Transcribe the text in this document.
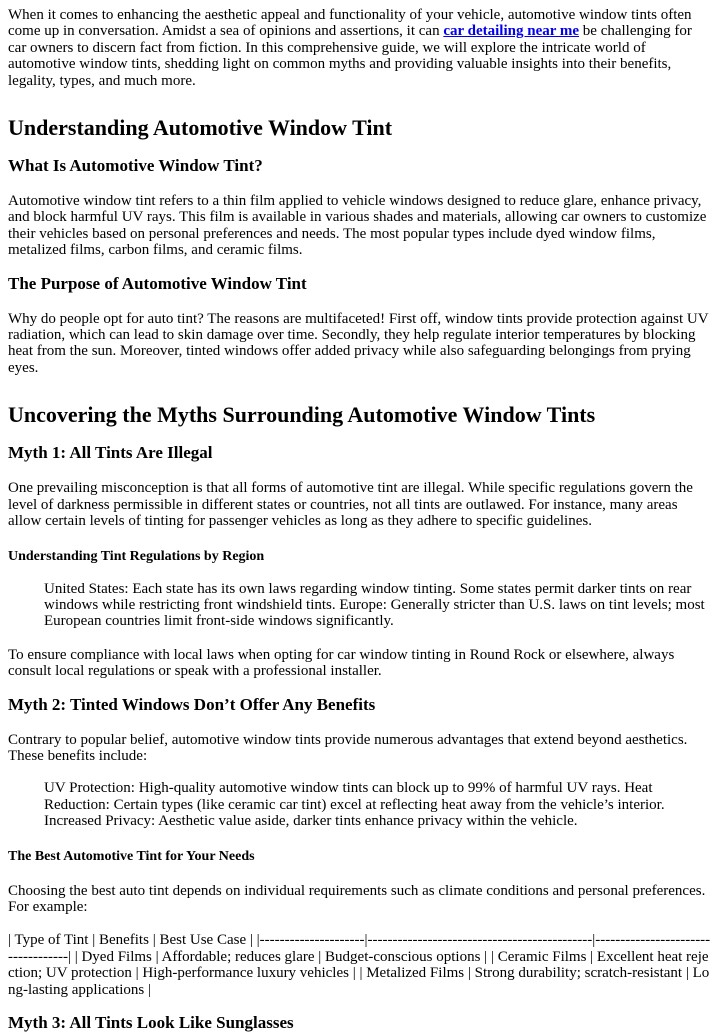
When it comes to enhancing the aesthetic appeal and functionality of your vehicle, automotive window tints often come up in conversation. Amidst a sea of opinions and assertions, it can car detailing near me be challenging for car owners to discern fact from fiction. In this comprehensive guide, we will explore the intricate world of automotive window tints, shedding light on common myths and providing valuable insights into their benefits, legality, types, and much more.

Understanding Automotive Window Tint
What Is Automotive Window Tint?

Automotive window tint refers to a thin film applied to vehicle windows designed to reduce glare, enhance privacy, and block harmful UV rays. This film is available in various shades and materials, allowing car owners to customize their vehicles based on personal preferences and needs. The most popular types include dyed window films, metalized films, carbon films, and ceramic films.

The Purpose of Automotive Window Tint

Why do people opt for auto tint? The reasons are multifaceted! First off, window tints provide protection against UV radiation, which can lead to skin damage over time. Secondly, they help regulate interior temperatures by blocking heat from the sun. Moreover, tinted windows offer added privacy while also safeguarding belongings from prying eyes.

Uncovering the Myths Surrounding Automotive Window Tints
Myth 1: All Tints Are Illegal

One prevailing misconception is that all forms of automotive tint are illegal. While specific regulations govern the level of darkness permissible in different states or countries, not all tints are outlawed. For instance, many areas allow certain levels of tinting for passenger vehicles as long as they adhere to specific guidelines.

Understanding Tint Regulations by Region
United States: Each state has its own laws regarding window tinting. Some states permit darker tints on rear windows while restricting front windshield tints. Europe: Generally stricter than U.S. laws on tint levels; most European countries limit front-side windows significantly.

To ensure compliance with local laws when opting for car window tinting in Round Rock or elsewhere, always consult local regulations or speak with a professional installer.

Myth 2: Tinted Windows Don’t Offer Any Benefits

Contrary to popular belief, automotive window tints provide numerous advantages that extend beyond aesthetics. These benefits include:

UV Protection: High-quality automotive window tints can block up to 99% of harmful UV rays. Heat Reduction: Certain types (like ceramic car tint) excel at reflecting heat away from the vehicle’s interior. Increased Privacy: Aesthetic value aside, darker tints enhance privacy within the vehicle.
The Best Automotive Tint for Your Needs

Choosing the best auto tint depends on individual requirements such as climate conditions and personal preferences. For example:

| Type of Tint | Benefits | Best Use Case | |---------------------|---------------------------------------------|-----------------------------------| | Dyed Films | Affordable; reduces glare | Budget-conscious options | | Ceramic Films | Excellent heat rejection; UV protection | High-performance luxury vehicles | | Metalized Films | Strong durability; scratch-resistant | Long-lasting applications |

Myth 3: All Tints Look Like Sunglasses
